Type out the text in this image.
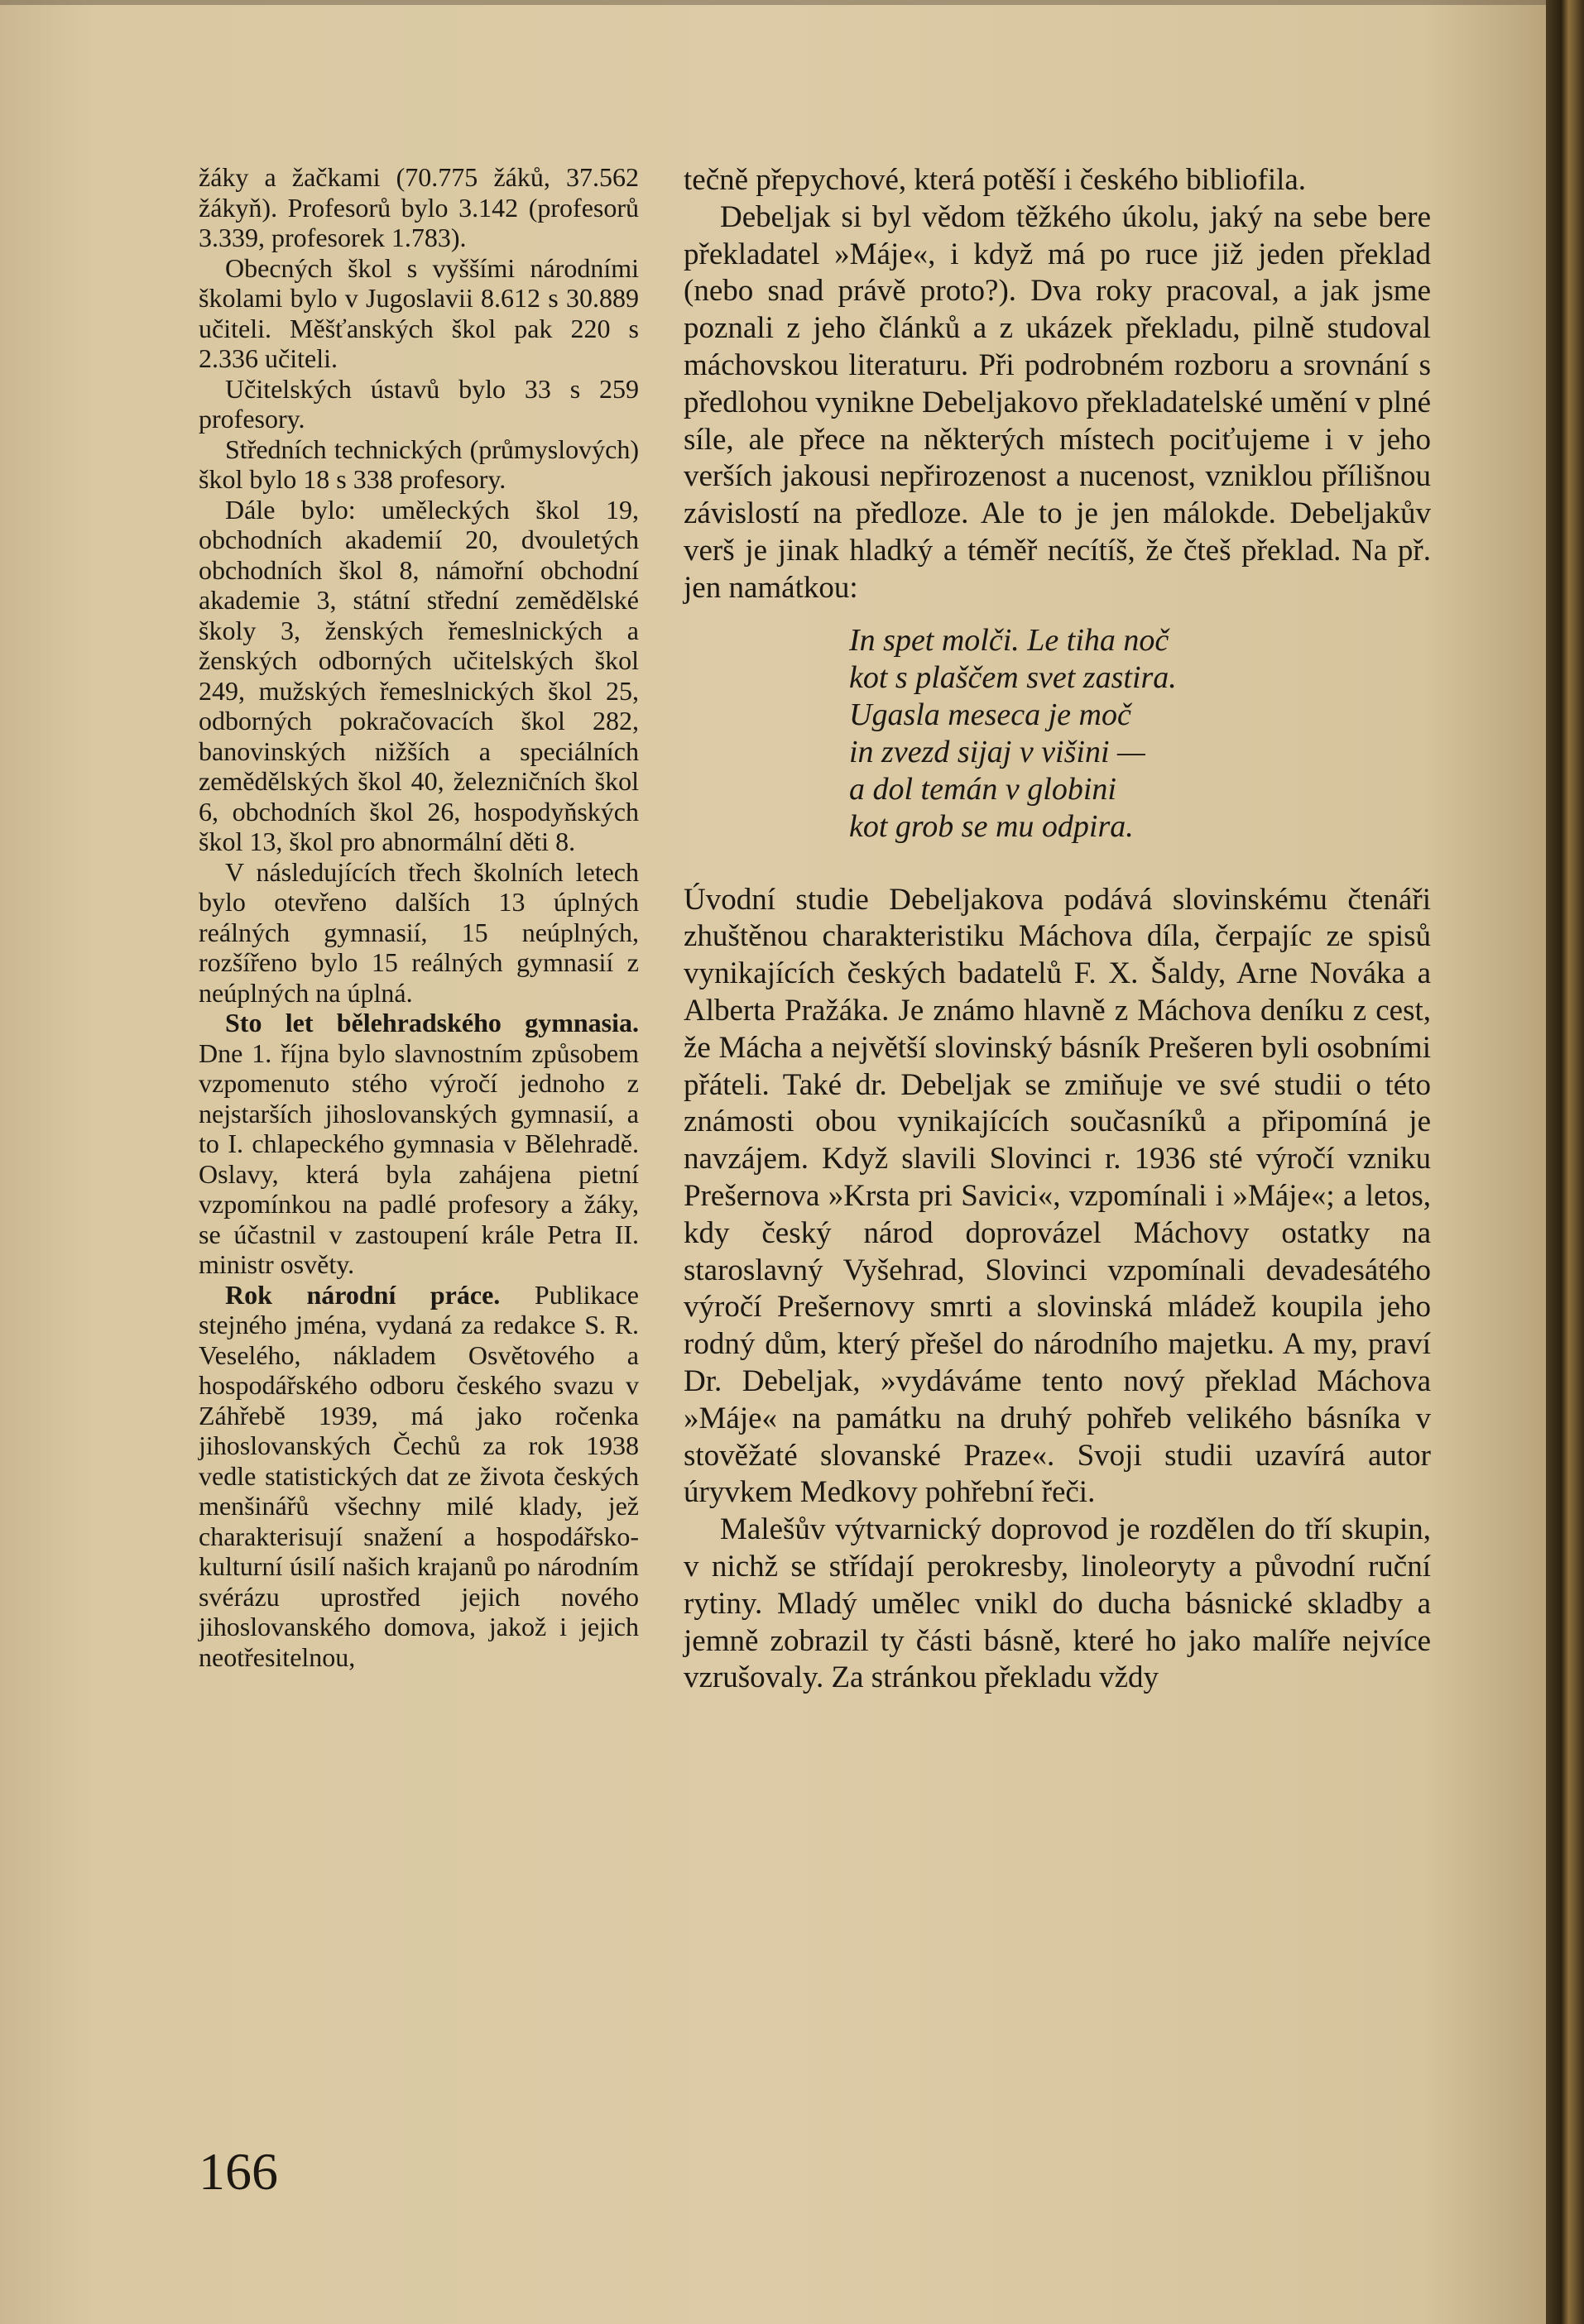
žáky a žačkami (70.775 žáků, 37.562 žákyň). Profesorů bylo 3.142 (profesorů 3.339, profesorek 1.783).

Obecných škol s vyššími národními školami bylo v Jugoslavii 8.612 s 30.889 učiteli. Měšťanských škol pak 220 s 2.336 učiteli.

Učitelských ústavů bylo 33 s 259 profesory.

Středních technických (průmyslových) škol bylo 18 s 338 profesory.

Dále bylo: uměleckých škol 19, obchodních akademií 20, dvouletých obchodních škol 8, námořní obchodní akademie 3, státní střední zemědělské školy 3, ženských řemeslnických a ženských odborných učitelských škol 249, mužských řemeslnických škol 25, odborných pokračovacích škol 282, banovinských nižších a speciálních zemědělských škol 40, železničních škol 6, obchodních škol 26, hospodyňských škol 13, škol pro abnormální děti 8.

V následujících třech školních letech bylo otevřeno dalších 13 úplných reálných gymnasií, 15 neúplných, rozšířeno bylo 15 reálných gymnasií z neúplných na úplná.

Sto let bělehradského gymnasia. Dne 1. října bylo slavnostním způsobem vzpomenuto stého výročí jednoho z nejstarších jihoslovanských gymnasií, a to I. chlapeckého gymnasia v Bělehradě. Oslavy, která byla zahájena pietní vzpomínkou na padlé profesory a žáky, se účastnil v zastoupení krále Petra II. ministr osvěty.

Rok národní práce. Publikace stejného jména, vydaná za redakce S. R. Veselého, nákladem Osvětového a hospodářského odboru českého svazu v Záhřebě 1939, má jako ročenka jihoslovanských Čechů za rok 1938 vedle statistických dat ze života českých menšinářů všechny milé klady, jež charakterisují snažení a hospodářsko-kulturní úsilí našich krajanů po národním svérázu uprostřed jejich nového jihoslovanského domova, jakož i jejich neotřesitelnou,

tečně přepychové, která potěší i českého bibliofila.

Debeljak si byl vědom těžkého úkolu, jaký na sebe bere překladatel »Máje«, i když má po ruce již jeden překlad (nebo snad právě proto?). Dva roky pracoval, a jak jsme poznali z jeho článků a z ukázek překladu, pilně studoval máchovskou literaturu. Při podrobném rozboru a srovnání s předlohou vynikne Debeljakovo překladatelské umění v plné síle, ale přece na některých místech pociťujeme i v jeho verších jakousi nepřirozenost a nucenost, vzniklou přílišnou závislostí na předloze. Ale to je jen málokde. Debeljakův verš je jinak hladký a téměř necítíš, že čteš překlad. Na př. jen namátkou:

In spet molči. Le tiha noč
kot s plaščem svet zastira.
Ugasla meseca je moč
in zvezd sijaj v višini —
a dol temán v globini
kot grob se mu odpira.

Úvodní studie Debeljakova podává slovinskému čtenáři zhuštěnou charakteristiku Máchova díla, čerpajíc ze spisů vynikajících českých badatelů F. X. Šaldy, Arne Nováka a Alberta Pražáka. Je známo hlavně z Máchova deníku z cest, že Mácha a největší slovinský básník Prešeren byli osobními přáteli. Také dr. Debeljak se zmiňuje ve své studii o této známosti obou vynikajících současníků a připomíná je navzájem. Když slavili Slovinci r. 1936 sté výročí vzniku Prešernova »Krsta pri Savici«, vzpomínali i »Máje«; a letos, kdy český národ doprovázel Máchovy ostatky na staroslavný Vyšehrad, Slovinci vzpomínali devadesátého výročí Prešernovy smrti a slovinská mládež koupila jeho rodný dům, který přešel do národního majetku. A my, praví Dr. Debeljak, »vydáváme tento nový překlad Máchova »Máje« na památku na druhý pohřeb velikého básníka v stověžaté slovanské Praze«. Svoji studii uzavírá autor úryvkem Medkovy pohřební řeči.

Malešův výtvarnický doprovod je rozdělen do tří skupin, v nichž se střídají perokresby, linoleoryty a původní ruční rytiny. Mladý umělec vnikl do ducha básnické skladby a jemně zobrazil ty části básně, které ho jako malíře nejvíce vzrušovaly. Za stránkou překladu vždy

166
